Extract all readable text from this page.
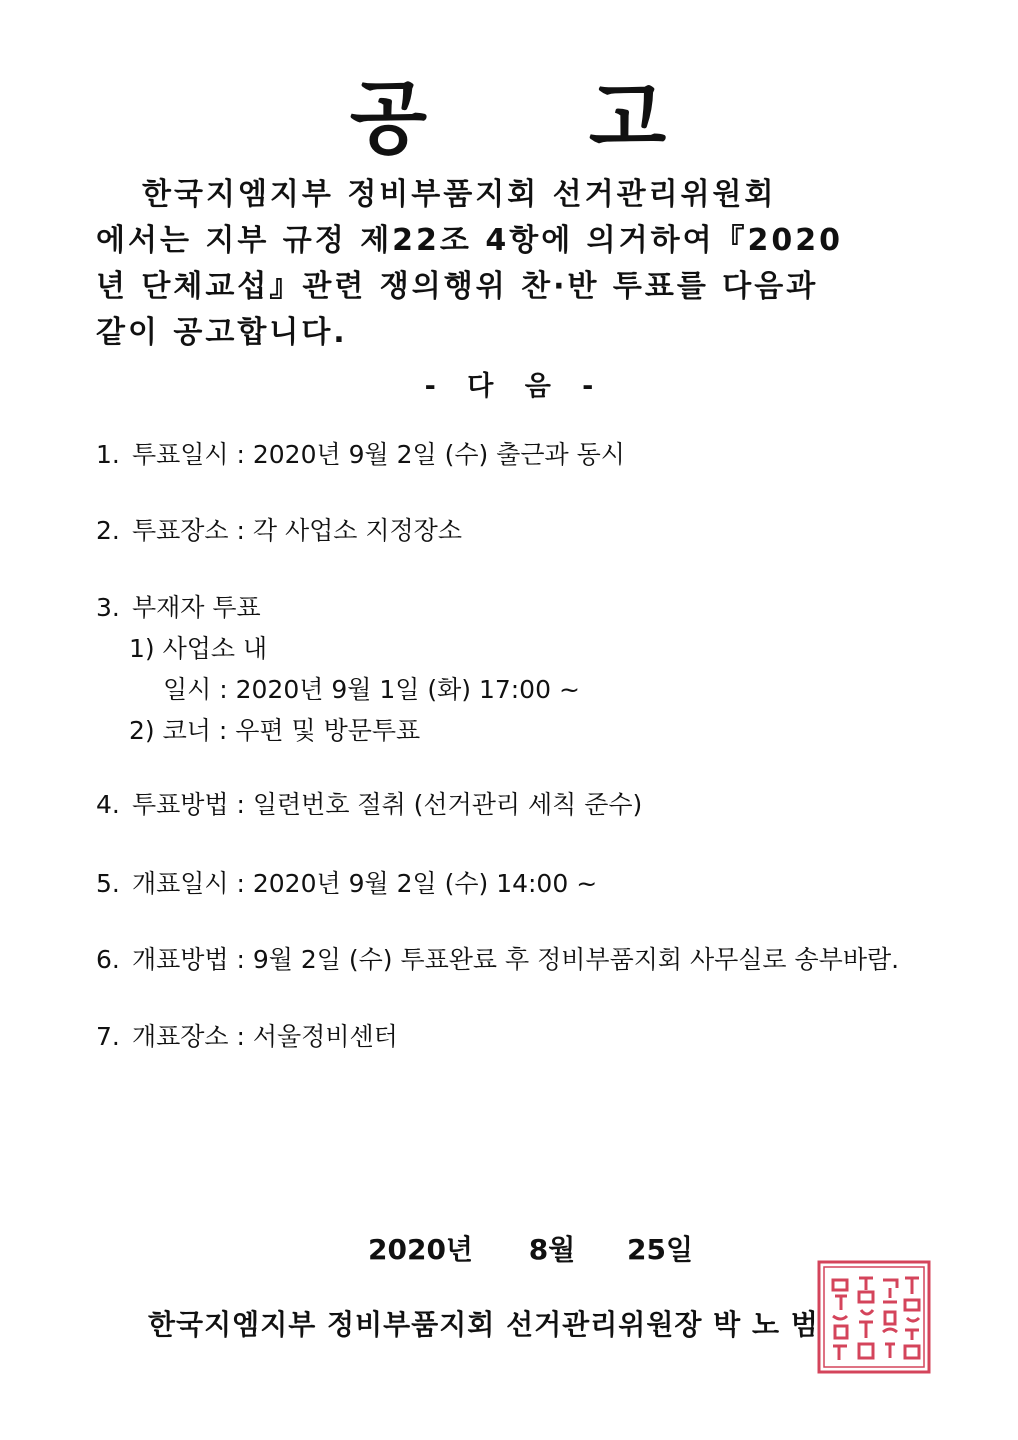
공 고

한국지엠지부 정비부품지회 선거관리위원회
에서는 지부 규정 제22조 4항에 의거하여『2020
년 단체교섭』관련 쟁의행위 찬·반 투표를 다음과
같이 공고합니다.

- 다 음 -

1. 투표일시 : 2020년 9월 2일 (수) 출근과 동시

2. 투표장소 : 각 사업소 지정장소

3. 부재자 투표

1) 사업소 내

일시 : 2020년 9월 1일 (화) 17:00 ~

2) 코너 : 우편 및 방문투표

4. 투표방법 : 일련번호 절취 (선거관리 세칙 준수)

5. 개표일시 : 2020년 9월 2일 (수) 14:00 ~

6. 개표방법 : 9월 2일 (수) 투표완료 후 정비부품지회 사무실로 송부바람.

7. 개표장소 : 서울정비센터

2020년 8월 25일

한국지엠지부 정비부품지회 선거관리위원장 박 노 범
